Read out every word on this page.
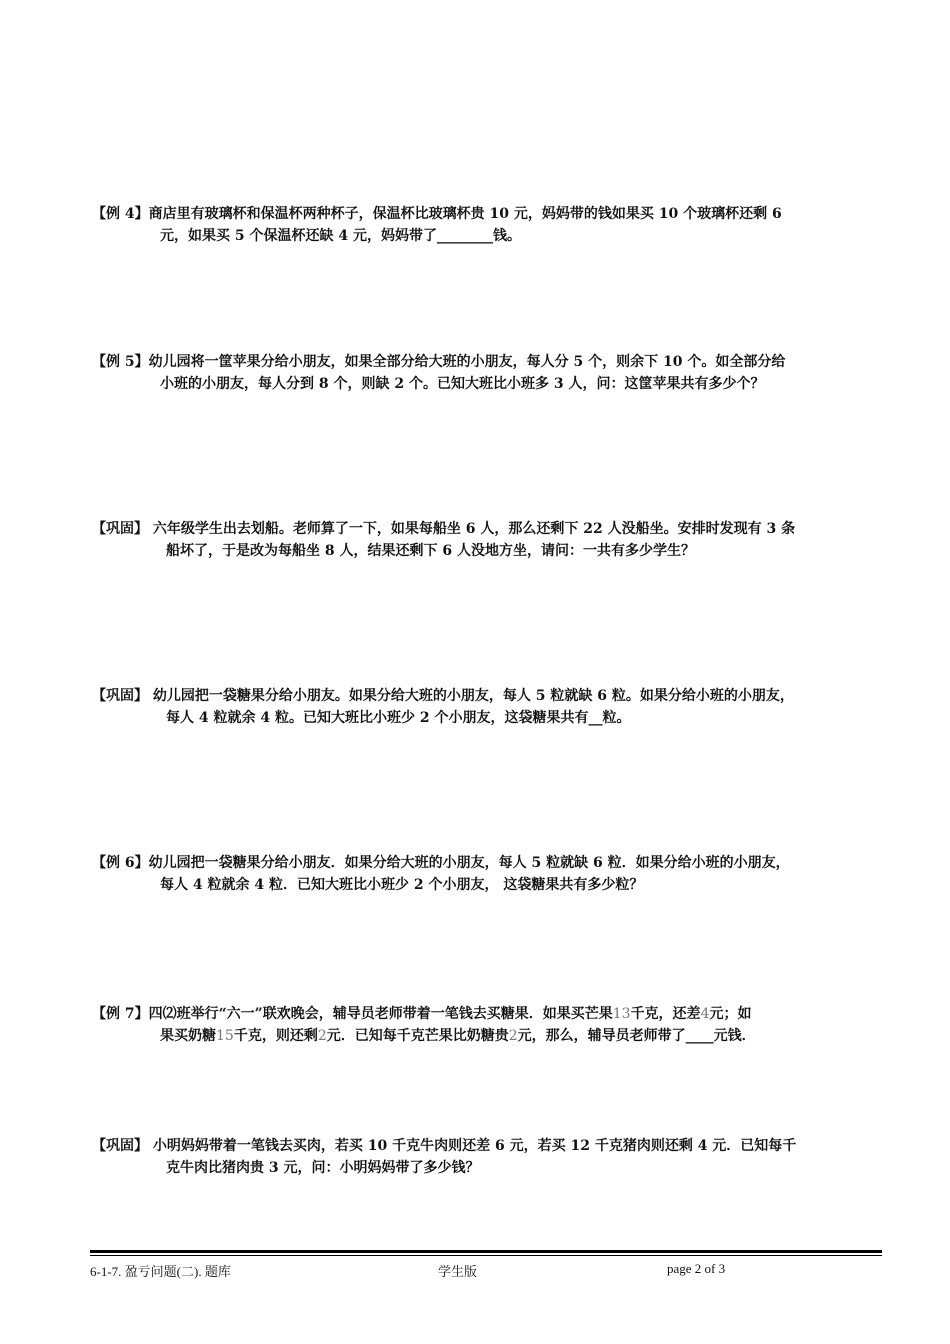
【例 4】商店里有玻璃杯和保温杯两种杯子，保温杯比玻璃杯贵 10 元，妈妈带的钱如果买 10 个玻璃杯还剩 6
元，如果买 5 个保温杯还缺 4 元，妈妈带了________钱。
【例 5】幼儿园将一筐苹果分给小朋友，如果全部分给大班的小朋友，每人分 5 个，则余下 10 个。如全部分给
小班的小朋友，每人分到 8 个，则缺 2 个。已知大班比小班多 3 人，问：这筐苹果共有多少个？
【巩固】 六年级学生出去划船。老师算了一下，如果每船坐 6 人，那么还剩下 22 人没船坐。安排时发现有 3 条
船坏了，于是改为每船坐 8 人，结果还剩下 6 人没地方坐，请问：一共有多少学生？
【巩固】 幼儿园把一袋糖果分给小朋友。如果分给大班的小朋友，每人 5 粒就缺 6 粒。如果分给小班的小朋友，
每人 4 粒就余 4 粒。已知大班比小班少 2 个小朋友，这袋糖果共有__粒。
【例 6】幼儿园把一袋糖果分给小朋友．如果分给大班的小朋友，每人 5 粒就缺 6 粒．如果分给小班的小朋友，
每人 4 粒就余 4 粒．已知大班比小班少 2 个小朋友， 这袋糖果共有多少粒？
【例 7】四⑵班举行“六一”联欢晚会，辅导员老师带着一笔钱去买糖果．如果买芒果13千克，还差4元；如
果买奶糖15千克，则还剩2元．已知每千克芒果比奶糖贵2元，那么，辅导员老师带了____元钱．
【巩固】 小明妈妈带着一笔钱去买肉，若买 10 千克牛肉则还差 6 元，若买 12 千克猪肉则还剩 4 元．已知每千
克牛肉比猪肉贵 3 元，问：小明妈妈带了多少钱？
6-1-7. 盈亏问题(二). 题库	学生版	page 2 of 3
